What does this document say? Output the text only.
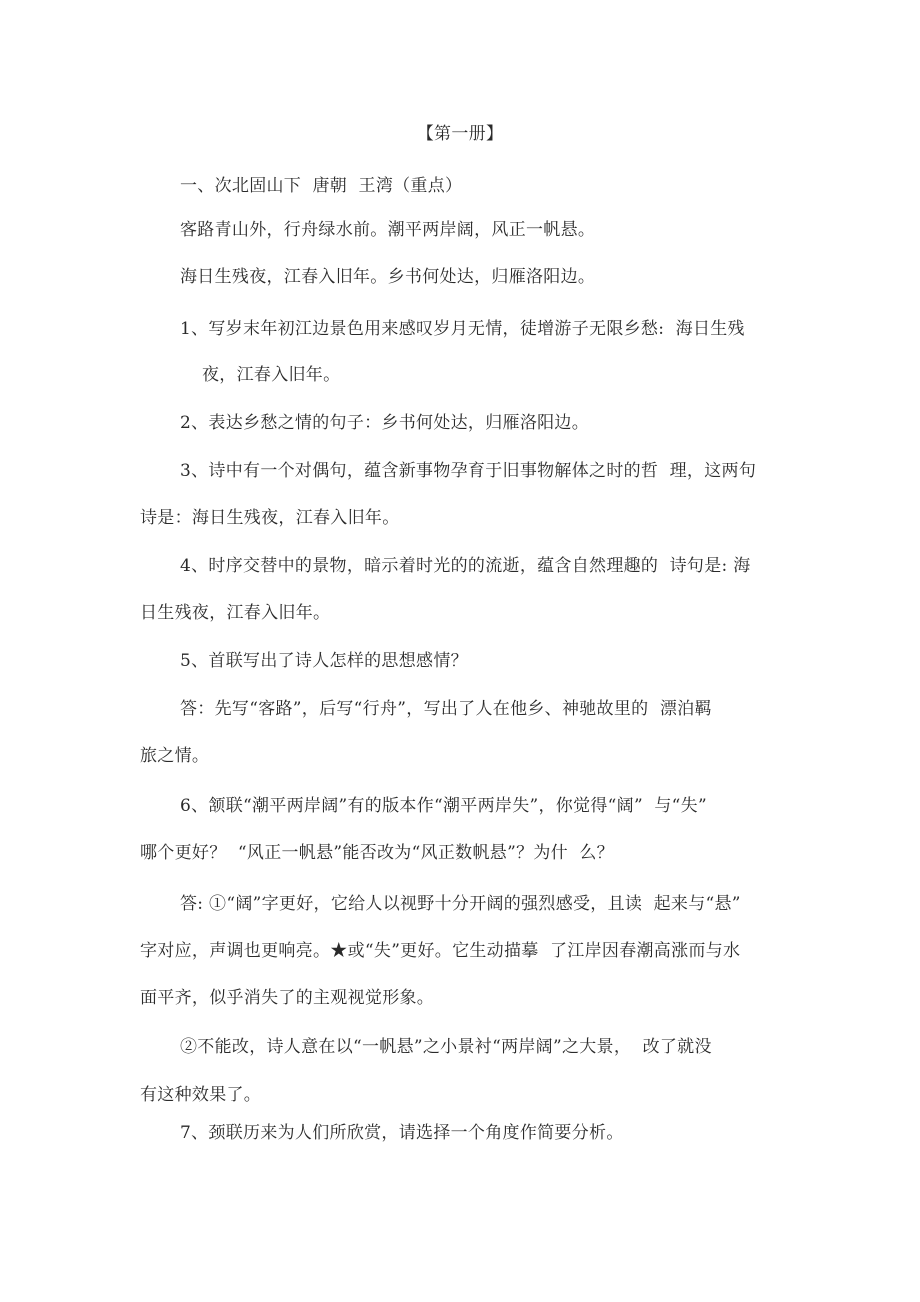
【第一册】
一、次北固山下  唐朝  王湾（重点）
客路青山外，行舟绿水前。潮平两岸阔，风正一帆悬。
海日生残夜，江春入旧年。乡书何处达，归雁洛阳边。
1、写岁末年初江边景色用来感叹岁月无情，徒增游子无限乡愁:  海日生残
夜，江春入旧年。
2、表达乡愁之情的句子：乡书何处达，归雁洛阳边。
3、诗中有一个对偶句，蕴含新事物孕育于旧事物解体之时的哲  理，这两句
诗是：海日生残夜，江春入旧年。
4、时序交替中的景物，暗示着时光的的流逝，蕴含自然理趣的  诗句是: 海
日生残夜，江春入旧年。
5、首联写出了诗人怎样的思想感情？
答：先写“客路”，后写“行舟”，写出了人在他乡、神驰故里的  漂泊羁
旅之情。
6、颔联“潮平两岸阔”有的版本作“潮平两岸失”，你觉得“阔”  与“失”
哪个更好？  “风正一帆悬”能否改为“风正数帆悬”？为什  么？
答: ①“阔”字更好，它给人以视野十分开阔的强烈感受，且读  起来与“悬”
字对应，声调也更响亮。★或“失”更好。它生动描摹  了江岸因春潮高涨而与水
面平齐，似乎消失了的主观视觉形象。
②不能改，诗人意在以“一帆悬”之小景衬“两岸阔”之大景，  改了就没
有这种效果了。
7、颈联历来为人们所欣赏，请选择一个角度作简要分析。
